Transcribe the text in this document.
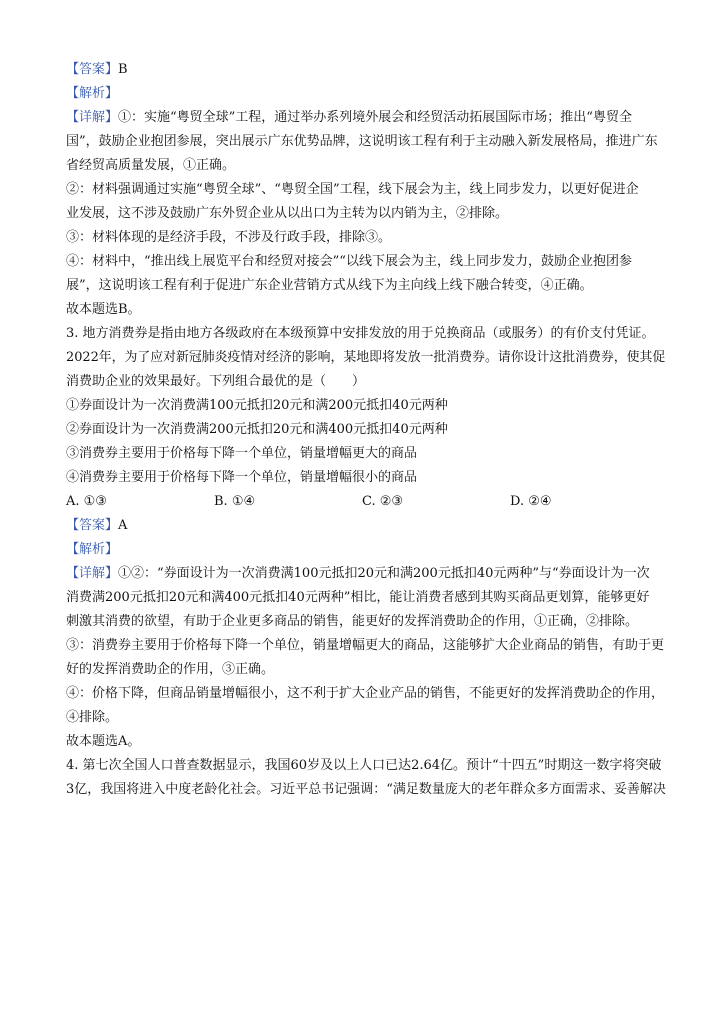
【答案】B
【解析】
【详解】①：实施“粤贸全球”工程，通过举办系列境外展会和经贸活动拓展国际市场；推出“粤贸全
国”，鼓励企业抱团参展，突出展示广东优势品牌，这说明该工程有利于主动融入新发展格局，推进广东
省经贸高质量发展，①正确。
②：材料强调通过实施“粤贸全球”、“粤贸全国”工程，线下展会为主，线上同步发力，以更好促进企
业发展，这不涉及鼓励广东外贸企业从以出口为主转为以内销为主，②排除。
③：材料体现的是经济手段，不涉及行政手段，排除③。
④：材料中，“推出线上展览平台和经贸对接会”“以线下展会为主，线上同步发力，鼓励企业抱团参
展”，这说明该工程有利于促进广东企业营销方式从线下为主向线上线下融合转变，④正确。
故本题选B。
3. 地方消费券是指由地方各级政府在本级预算中安排发放的用于兑换商品（或服务）的有价支付凭证。
2022年，为了应对新冠肺炎疫情对经济的影响，某地即将发放一批消费券。请你设计这批消费券，使其促
消费助企业的效果最好。下列组合最优的是（　　）
①券面设计为一次消费满100元抵扣20元和满200元抵扣40元两种
②券面设计为一次消费满200元抵扣20元和满400元抵扣40元两种
③消费券主要用于价格每下降一个单位，销量增幅更大的商品
④消费券主要用于价格每下降一个单位，销量增幅很小的商品
A. ①③	B. ①④	C. ②③	D. ②④
【答案】A
【解析】
【详解】①②：“券面设计为一次消费满100元抵扣20元和满200元抵扣40元两种”与“券面设计为一次
消费满200元抵扣20元和满400元抵扣40元两种”相比，能让消费者感到其购买商品更划算，能够更好
刺激其消费的欲望，有助于企业更多商品的销售，能更好的发挥消费助企的作用，①正确，②排除。
③：消费券主要用于价格每下降一个单位，销量增幅更大的商品，这能够扩大企业商品的销售，有助于更
好的发挥消费助企的作用，③正确。
④：价格下降，但商品销量增幅很小，这不利于扩大企业产品的销售，不能更好的发挥消费助企的作用，
④排除。
故本题选A。
4. 第七次全国人口普查数据显示，我国60岁及以上人口已达2.64亿。预计“十四五”时期这一数字将突破
3亿，我国将进入中度老龄化社会。习近平总书记强调：“满足数量庞大的老年群众多方面需求、妥善解决
